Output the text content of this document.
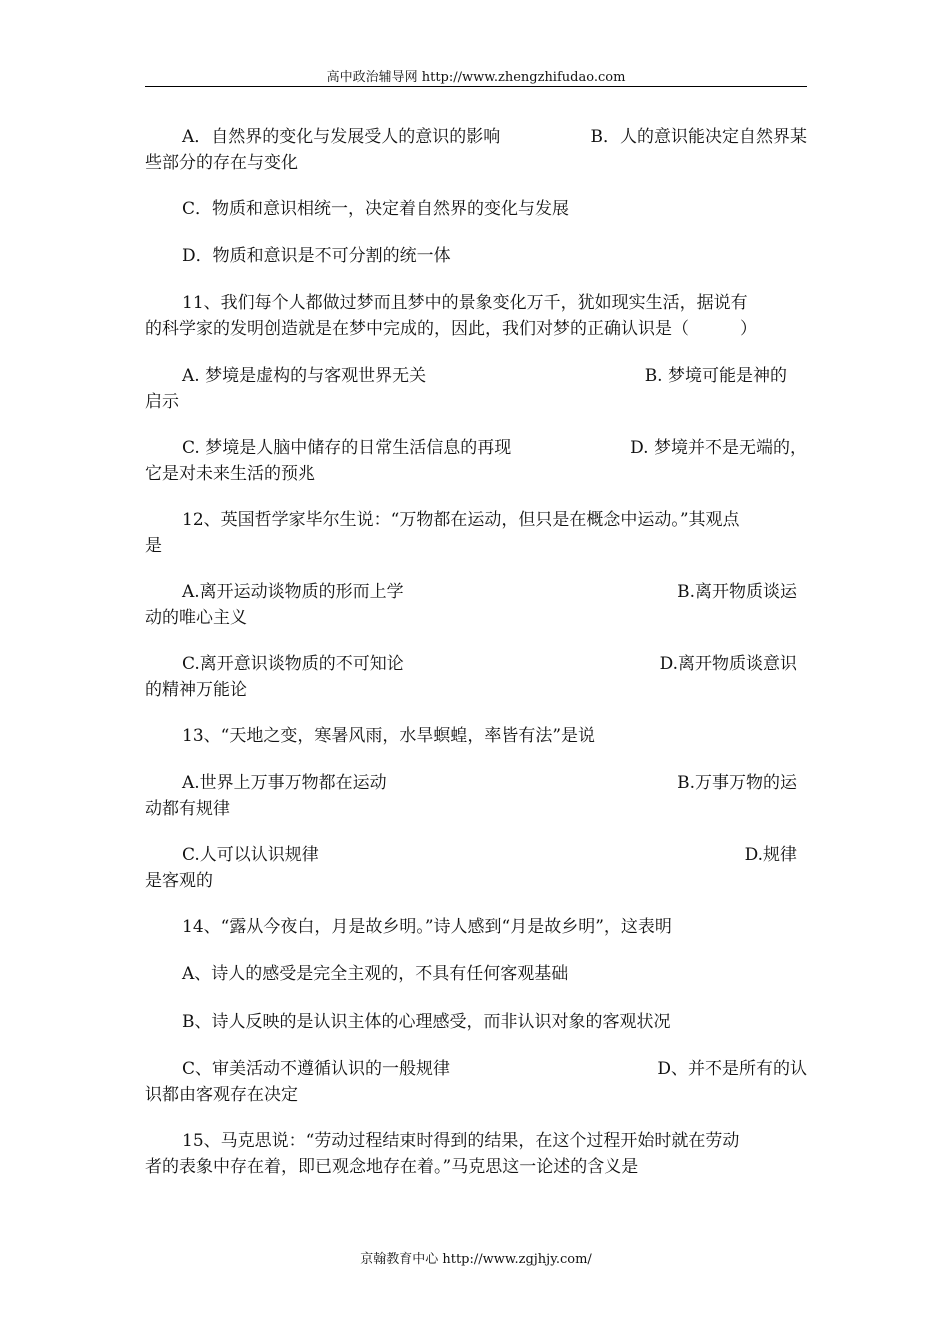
高中政治辅导网 http://www.zhengzhifudao.com
A．自然界的变化与发展受人的意识的影响	B．人的意识能决定自然界某
些部分的存在与变化
C．物质和意识相统一，决定着自然界的变化与发展
D．物质和意识是不可分割的统一体
11、我们每个人都做过梦而且梦中的景象变化万千，犹如现实生活，据说有
的科学家的发明创造就是在梦中完成的，因此，我们对梦的正确认识是（　　　）
A. 梦境是虚构的与客观世界无关	B. 梦境可能是神的
启示
C. 梦境是人脑中储存的日常生活信息的再现	D. 梦境并不是无端的，
它是对未来生活的预兆
12、英国哲学家毕尔生说：“万物都在运动，但只是在概念中运动。”其观点
是
A.离开运动谈物质的形而上学	B.离开物质谈运
动的唯心主义
C.离开意识谈物质的不可知论	D.离开物质谈意识
的精神万能论
13、“天地之变，寒暑风雨，水旱螟蝗，率皆有法”是说
A.世界上万事万物都在运动	B.万事万物的运
动都有规律
C.人可以认识规律	D.规律
是客观的
14、“露从今夜白，月是故乡明。”诗人感到“月是故乡明”，这表明
A、诗人的感受是完全主观的，不具有任何客观基础
B、诗人反映的是认识主体的心理感受，而非认识对象的客观状况
C、审美活动不遵循认识的一般规律	D、并不是所有的认
识都由客观存在决定
15、马克思说：“劳动过程结束时得到的结果，在这个过程开始时就在劳动
者的表象中存在着，即已观念地存在着。”马克思这一论述的含义是
京翰教育中心 http://www.zgjhjy.com/
